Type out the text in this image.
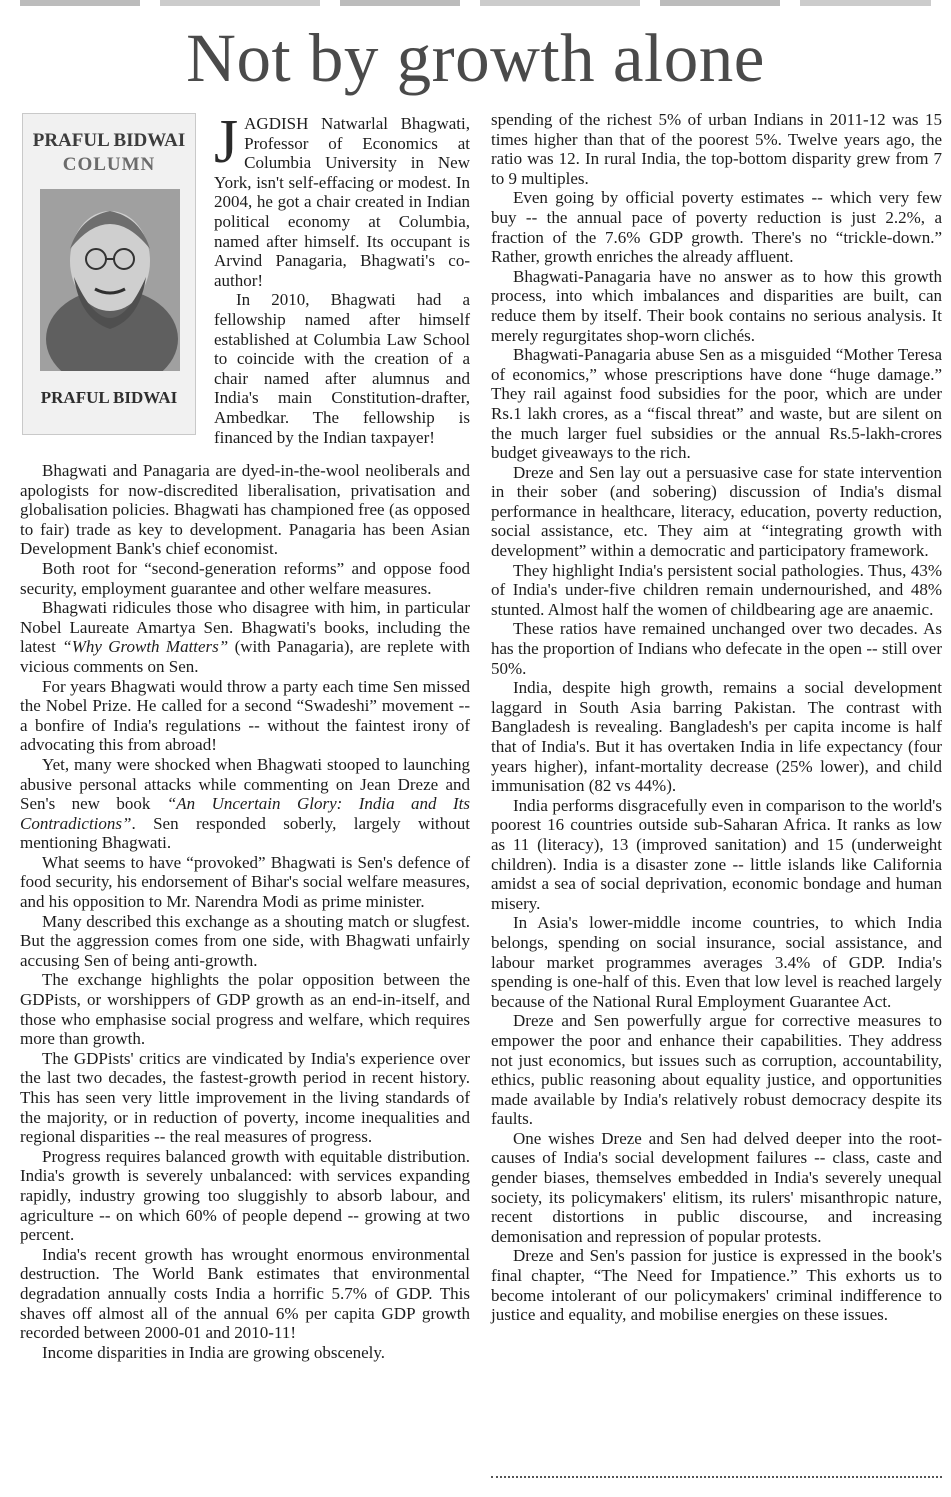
Not by growth alone
PRAFUL BIDWAI
COLUMN
PRAFUL BIDWAI

JAGDISH Natwarlal Bhagwati, Professor of Economics at Columbia University in New York, isn't self-effacing or modest. In 2004, he got a chair created in Indian political economy at Columbia, named after himself. Its occupant is Arvind Panagaria, Bhagwati's co-author!

In 2010, Bhagwati had a fellowship named after himself established at Columbia Law School to coincide with the creation of a chair named after alumnus and India's main Constitution-drafter, Ambedkar. The fellowship is financed by the Indian taxpayer!

Bhagwati and Panagaria are dyed-in-the-wool neoliberals and apologists for now-discredited liberalisation, privatisation and globalisation policies. Bhagwati has championed free (as opposed to fair) trade as key to development. Panagaria has been Asian Development Bank's chief economist.

Both root for “second-generation reforms” and oppose food security, employment guarantee and other welfare measures.

Bhagwati ridicules those who disagree with him, in particular Nobel Laureate Amartya Sen. Bhagwati's books, including the latest “Why Growth Matters” (with Panagaria), are replete with vicious comments on Sen.

For years Bhagwati would throw a party each time Sen missed the Nobel Prize. He called for a second “Swadeshi” movement -- a bonfire of India's regulations -- without the faintest irony of advocating this from abroad!

Yet, many were shocked when Bhagwati stooped to launching abusive personal attacks while commenting on Jean Dreze and Sen's new book “An Uncertain Glory: India and Its Contradictions”. Sen responded soberly, largely without mentioning Bhagwati.

What seems to have “provoked” Bhagwati is Sen's defence of food security, his endorsement of Bihar's social welfare measures, and his opposition to Mr. Narendra Modi as prime minister.

Many described this exchange as a shouting match or slugfest. But the aggression comes from one side, with Bhagwati unfairly accusing Sen of being anti-growth.

The exchange highlights the polar opposition between the GDPists, or worshippers of GDP growth as an end-in-itself, and those who emphasise social progress and welfare, which requires more than growth.

The GDPists' critics are vindicated by India's experience over the last two decades, the fastest-growth period in recent history. This has seen very little improvement in the living standards of the majority, or in reduction of poverty, income inequalities and regional disparities -- the real measures of progress.

Progress requires balanced growth with equitable distribution. India's growth is severely unbalanced: with services expanding rapidly, industry growing too sluggishly to absorb labour, and agriculture -- on which 60% of people depend -- growing at two percent.

India's recent growth has wrought enormous environmental destruction. The World Bank estimates that environmental degradation annually costs India a horrific 5.7% of GDP. This shaves off almost all of the annual 6% per capita GDP growth recorded between 2000-01 and 2010-11!

Income disparities in India are growing obscenely.

spending of the richest 5% of urban Indians in 2011-12 was 15 times higher than that of the poorest 5%. Twelve years ago, the ratio was 12. In rural India, the top-bottom disparity grew from 7 to 9 multiples.

Even going by official poverty estimates -- which very few buy -- the annual pace of poverty reduction is just 2.2%, a fraction of the 7.6% GDP growth. There's no “trickle-down.” Rather, growth enriches the already affluent.

Bhagwati-Panagaria have no answer as to how this growth process, into which imbalances and disparities are built, can reduce them by itself. Their book contains no serious analysis. It merely regurgitates shop-worn clichés.

Bhagwati-Panagaria abuse Sen as a misguided “Mother Teresa of economics,” whose prescriptions have done “huge damage.” They rail against food subsidies for the poor, which are under Rs.1 lakh crores, as a “fiscal threat” and waste, but are silent on the much larger fuel subsidies or the annual Rs.5-lakh-crores budget giveaways to the rich.

Dreze and Sen lay out a persuasive case for state intervention in their sober (and sobering) discussion of India's dismal performance in healthcare, literacy, education, poverty reduction, social assistance, etc. They aim at “integrating growth with development” within a democratic and participatory framework.

They highlight India's persistent social pathologies. Thus, 43% of India's under-five children remain undernourished, and 48% stunted. Almost half the women of childbearing age are anaemic.

These ratios have remained unchanged over two decades. As has the proportion of Indians who defecate in the open -- still over 50%.

India, despite high growth, remains a social development laggard in South Asia barring Pakistan. The contrast with Bangladesh is revealing. Bangladesh's per capita income is half that of India's. But it has overtaken India in life expectancy (four years higher), infant-mortality decrease (25% lower), and child immunisation (82 vs 44%).

India performs disgracefully even in comparison to the world's poorest 16 countries outside sub-Saharan Africa. It ranks as low as 11 (literacy), 13 (improved sanitation) and 15 (underweight children). India is a disaster zone -- little islands like California amidst a sea of social deprivation, economic bondage and human misery.

In Asia's lower-middle income countries, to which India belongs, spending on social insurance, social assistance, and labour market programmes averages 3.4% of GDP. India's spending is one-half of this. Even that low level is reached largely because of the National Rural Employment Guarantee Act.

Dreze and Sen powerfully argue for corrective measures to empower the poor and enhance their capabilities. They address not just economics, but issues such as corruption, accountability, ethics, public reasoning about equality justice, and opportunities made available by India's relatively robust democracy despite its faults.

One wishes Dreze and Sen had delved deeper into the root-causes of India's social development failures -- class, caste and gender biases, themselves embedded in India's severely unequal society, its policymakers' elitism, its rulers' misanthropic nature, recent distortions in public discourse, and increasing demonisation and repression of popular protests.

Dreze and Sen's passion for justice is expressed in the book's final chapter, “The Need for Impatience.” This exhorts us to become intolerant of our policymakers' criminal indifference to justice and equality, and mobilise energies on these issues.
